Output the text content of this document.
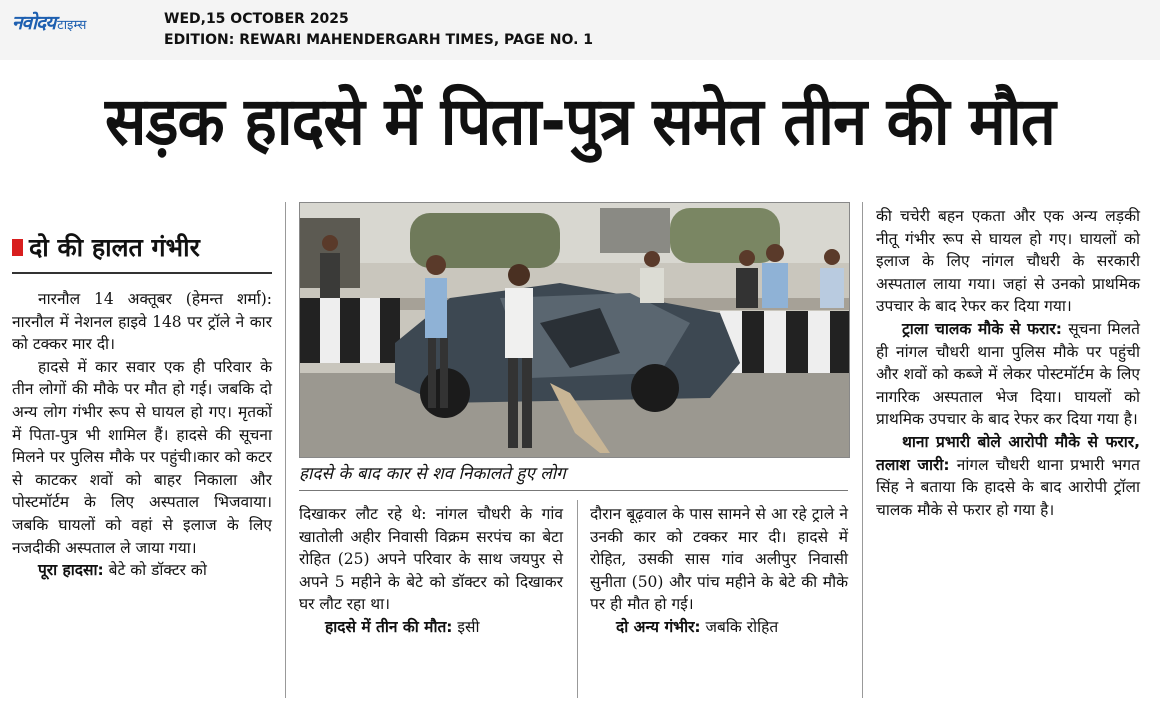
नवोदय टाइम्स	WED,15 OCTOBER 2025
EDITION: REWARI MAHENDERGARH TIMES, PAGE NO. 1
सड़क हादसे में पिता-पुत्र समेत तीन की मौत
दो की हालत गंभीर

नारनौल 14 अक्तूबर (हेमन्त शर्मा): नारनौल में नेशनल हाइवे 148 पर ट्रॉले ने कार को टक्कर मार दी।

हादसे में कार सवार एक ही परिवार के तीन लोगों की मौके पर मौत हो गई। जबकि दो अन्य लोग गंभीर रूप से घायल हो गए। मृतकों में पिता-पुत्र भी शामिल हैं। हादसे की सूचना मिलने पर पुलिस मौके पर पहुंची।कार को कटर से काटकर शवों को बाहर निकाला और पोस्टमॉर्टम के लिए अस्पताल भिजवाया। जबकि घायलों को वहां से इलाज के लिए नजदीकी अस्पताल ले जाया गया।

पूरा हादसा: बेटे को डॉक्टर को

हादसे के बाद कार से शव निकालते हुए लोग

दिखाकर लौट रहे थे: नांगल चौधरी के गांव खातोली अहीर निवासी विक्रम सरपंच का बेटा रोहित (25) अपने परिवार के साथ जयपुर से अपने 5 महीने के बेटे को डॉक्टर को दिखाकर घर लौट रहा था।

हादसे में तीन की मौत: इसी

दौरान बूढ़वाल के पास सामने से आ रहे ट्राले ने उनकी कार को टक्कर मार दी। हादसे में रोहित, उसकी सास गांव अलीपुर निवासी सुनीता (50) और पांच महीने के बेटे की मौके पर ही मौत हो गई।

दो अन्य गंभीर: जबकि रोहित

की चचेरी बहन एकता और एक अन्य लड़की नीतू गंभीर रूप से घायल हो गए। घायलों को इलाज के लिए नांगल चौधरी के सरकारी अस्पताल लाया गया। जहां से उनको प्राथमिक उपचार के बाद रेफर कर दिया गया।

ट्राला चालक मौके से फरार: सूचना मिलते ही नांगल चौधरी थाना पुलिस मौके पर पहुंची और शवों को कब्जे में लेकर पोस्टमॉर्टम के लिए नागरिक अस्पताल भेज दिया। घायलों को प्राथमिक उपचार के बाद रेफर कर दिया गया है।

थाना प्रभारी बोले आरोपी मौके से फरार, तलाश जारी: नांगल चौधरी थाना प्रभारी भगत सिंह ने बताया कि हादसे के बाद आरोपी ट्रॉला चालक मौके से फरार हो गया है।
